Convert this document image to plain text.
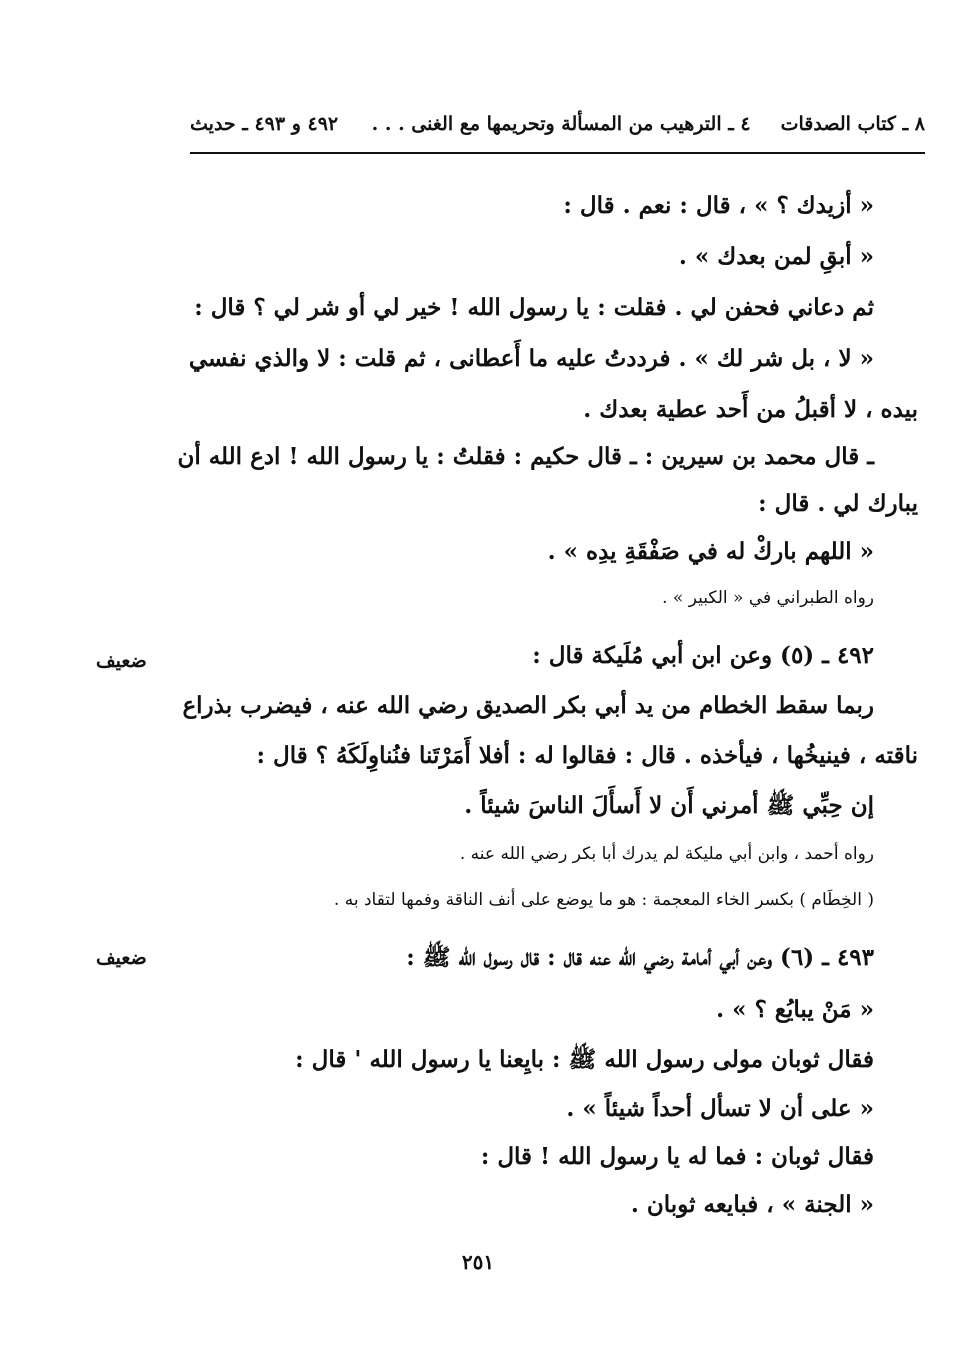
٨ ـ كتاب الصدقات
٤ ـ الترهيب من المسألة وتحريمها مع الغنى . . .
٤٩٢ و ٤٩٣ ـ حديث
« أزيدك ؟ » ، قال : نعم . قال :
« أبقِ لمن بعدك » .
ثم دعاني فحفن لي . فقلت : يا رسول الله ! خير لي أو شر لي ؟ قال :
« لا ، بل شر لك » . فرددتُ عليه ما أَعطانى ، ثم قلت : لا والذي نفسي
بيده ، لا أقبلُ من أَحد عطية بعدك .
ـ قال محمد بن سيرين : ـ قال حكيم : فقلتُ : يا رسول الله ! ادع الله أن
يبارك لي . قال :
« اللهم باركْ له في صَفْقَةِ يدِه » .
رواه الطبراني في « الكبير » .
ضعيف	٤٩٢ ـ (٥) وعن ابن أبي مُلَيكة قال :
ربما سقط الخطام من يد أبي بكر الصديق رضي الله عنه ، فيضرب بذراع
ناقته ، فينيخُها ، فيأخذه . قال : فقالوا له : أفلا أَمَرْتَنا فنُناوِلَكَهُ ؟ قال :
إن حِبِّي ﷺ أمرني أَن لا أَسأَلَ الناسَ شيئاً .
رواه أحمد ، وابن أبي مليكة لم يدرك أبا بكر رضي الله عنه .
( الخِطَام ) بكسر الخاء المعجمة : هو ما يوضع على أنف الناقة وفمها لتقاد به .
ضعيف	٤٩٣ ـ (٦) وعن أبي أمامة رضي الله عنه قال : قال رسول الله ﷺ :
« مَنْ يبايُع ؟ » .
فقال ثوبان مولى رسول الله ﷺ : بايِعنا يا رسول الله ' قال :
« على أن لا تسأل أحداً شيئاً » .
فقال ثوبان : فما له يا رسول الله ! قال :
« الجنة » ، فبايعه ثوبان .
٢٥١
